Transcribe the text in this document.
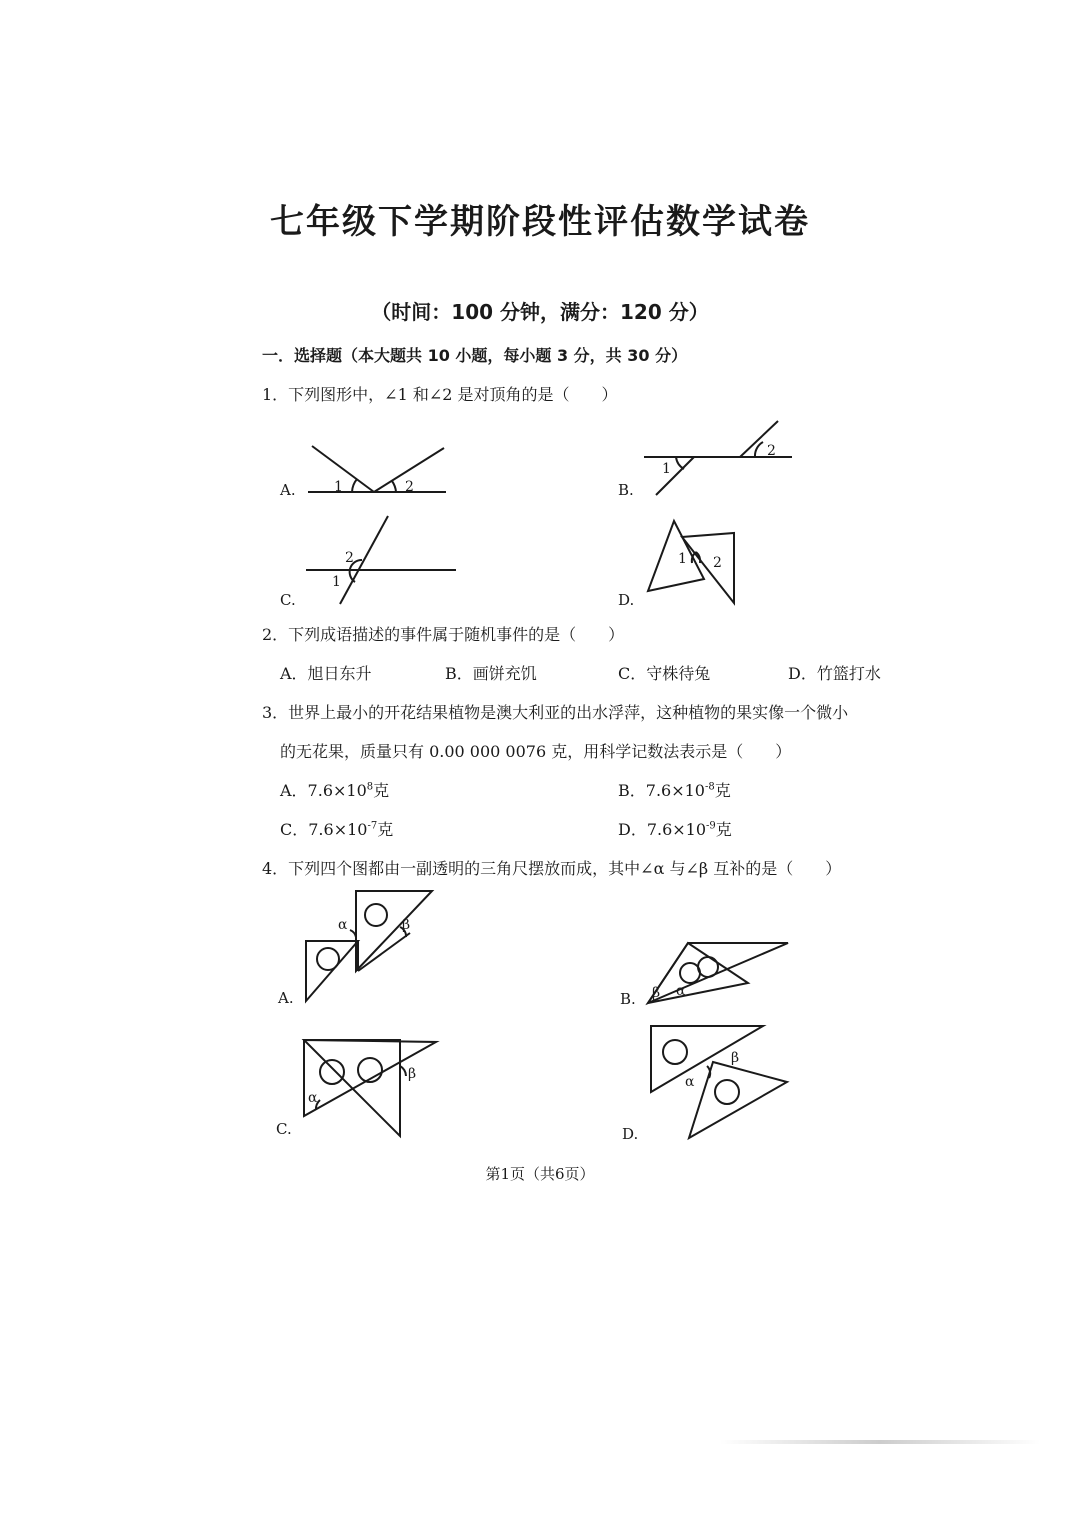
七年级下学期阶段性评估数学试卷
（时间：100 分钟，满分：120 分）
一．选择题（本大题共 10 小题，每小题 3 分，共 30 分）
1．下列图形中，∠1 和∠2 是对顶角的是（　　）
1	2
A.
1
2
B.
2
1
C.
1 2
D.
2．下列成语描述的事件属于随机事件的是（　　）
A．旭日东升	B．画饼充饥	C．守株待兔	D．竹篮打水
3．世界上最小的开花结果植物是澳大利亚的出水浮萍，这种植物的果实像一个微小
的无花果，质量只有 0.00 000 0076 克，用科学记数法表示是（　　）
A．$7.6\times 10^8$克	B．$7.6\times 10^{-8}$克
C．$7.6\times 10^{-7}$克	D．$7.6\times 10^{-9}$克
4．下列四个图都由一副透明的三角尺摆放而成，其中∠α 与∠β 互补的是（　　）
α	β
A.	β α
B.
α
β
C.
α
β
D.
第1页（共6页）
